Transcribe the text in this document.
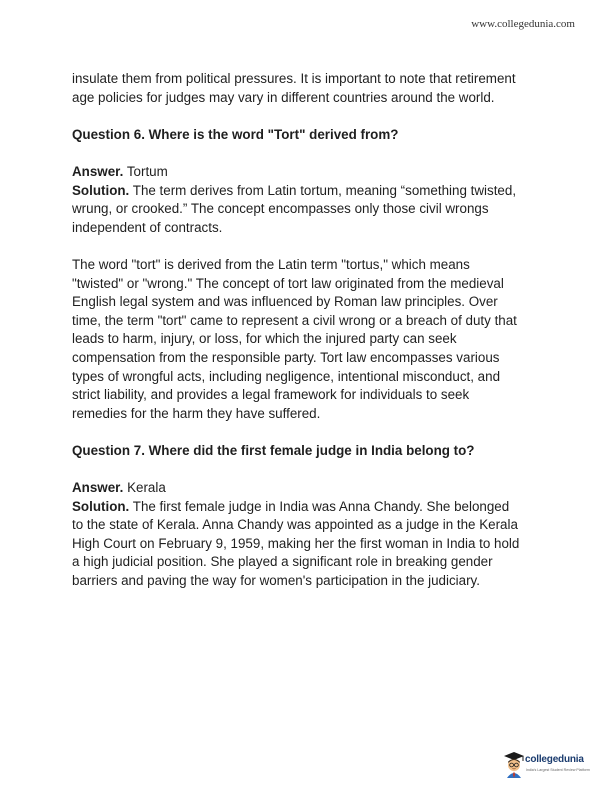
www.collegedunia.com

insulate them from political pressures. It is important to note that retirement

age policies for judges may vary in different countries around the world.

Question 6. Where is the word "Tort" derived from?

Answer. Tortum

Solution. The term derives from Latin tortum, meaning “something twisted,

wrung, or crooked.” The concept encompasses only those civil wrongs

independent of contracts.

The word "tort" is derived from the Latin term "tortus," which means

"twisted" or "wrong." The concept of tort law originated from the medieval

English legal system and was influenced by Roman law principles. Over

time, the term "tort" came to represent a civil wrong or a breach of duty that

leads to harm, injury, or loss, for which the injured party can seek

compensation from the responsible party. Tort law encompasses various

types of wrongful acts, including negligence, intentional misconduct, and

strict liability, and provides a legal framework for individuals to seek

remedies for the harm they have suffered.

Question 7. Where did the first female judge in India belong to?

Answer. Kerala

Solution. The first female judge in India was Anna Chandy. She belonged

to the state of Kerala. Anna Chandy was appointed as a judge in the Kerala

High Court on February 9, 1959, making her the first woman in India to hold

a high judicial position. She played a significant role in breaking gender

barriers and paving the way for women's participation in the judiciary.

collegedunia
India's Largest Student Review Platform
